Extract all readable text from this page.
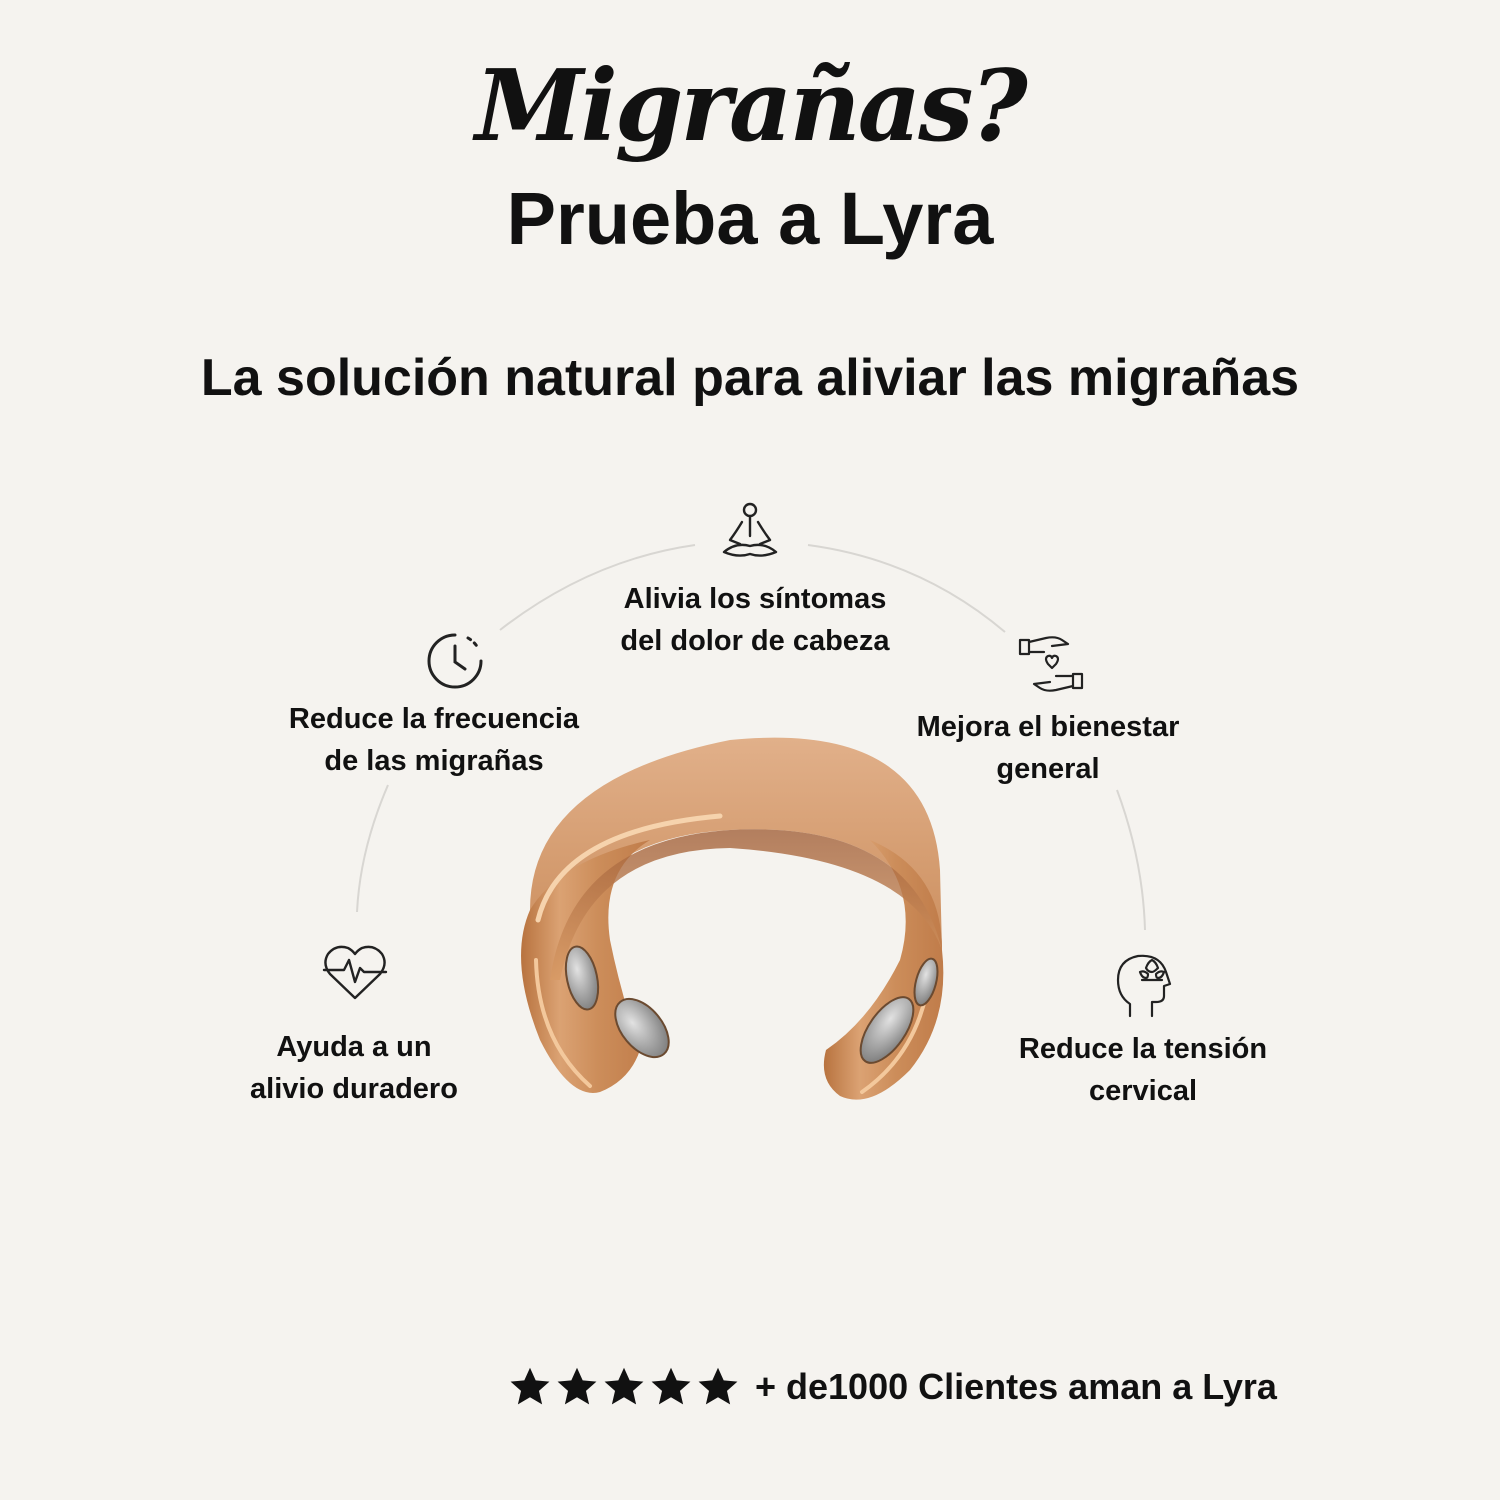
Migrañas?
Prueba a Lyra
La solución natural para aliviar las migrañas
Alivia los síntomas
del dolor de cabeza
Reduce la frecuencia
de las migrañas
Mejora el bienestar
general
Ayuda a un
alivio duradero
Reduce la tensión
cervical
+ de1000 Clientes aman a Lyra
